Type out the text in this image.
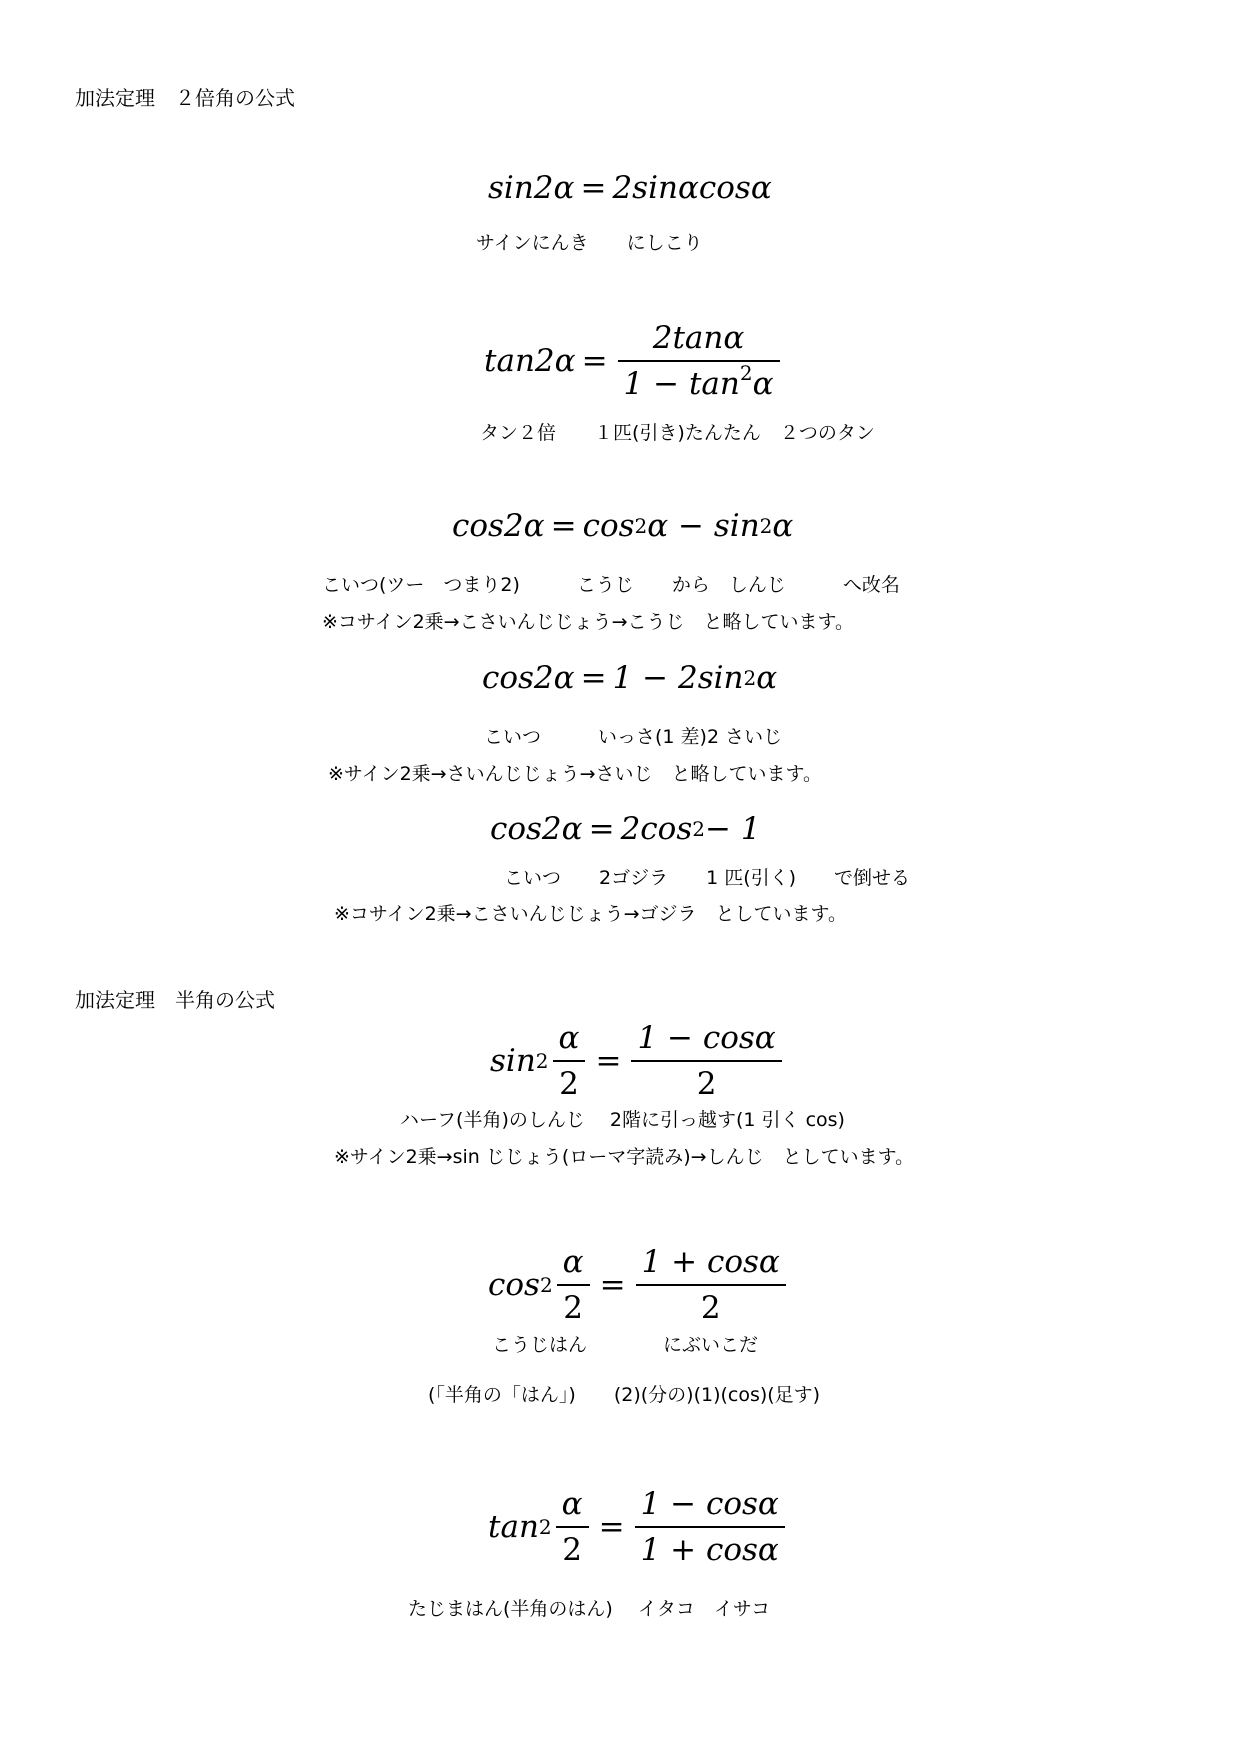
加法定理　２倍角の公式
sin2α = 2sinαcosα
サインにんき　　にしこり
$\tan 2\alpha = \frac{2\tan\alpha}{1 - \tan^2\alpha}$
タン２倍　　１匹(引き)たんたん　２つのタン
cos2α = cos 2 α − sin 2 α
こいつ(ツー　つまり2)　　　こうじ　　から　しんじ　　　へ改名
※コサイン2乗→こさいんじじょう→こうじ　と略しています。
cos2α = 1 − 2sin 2 α
こいつ　　　いっさ(1 差)2 さいじ
※サイン2乗→さいんじじょう→さいじ　と略しています。
cos2α = 2cos 2 − 1
こいつ　　2ゴジラ　　1 匹(引く)　　で倒せる
※コサイン2乗→こさいんじじょう→ゴジラ　としています。
加法定理　半角の公式
$\sin 2 \frac{\alpha}{2} = \frac{1 - \cos\alpha}{2}$
ハーフ(半角)のしんじ　 2階に引っ越す(1 引く cos)
※サイン2乗→sin じじょう(ローマ字読み)→しんじ　としています。
$\cos 2 \frac{\alpha}{2} = \frac{1 + \cos\alpha}{2}$
こうじはん　　　　にぶいこだ
(「半角の「はん」)　　(2)(分の)(1)(cos)(足す)
$\tan 2 \frac{\alpha}{2} = \frac{1 - \cos\alpha}{1 + \cos\alpha}$
たじまはん(半角のはん)　 イタコ　イサコ
